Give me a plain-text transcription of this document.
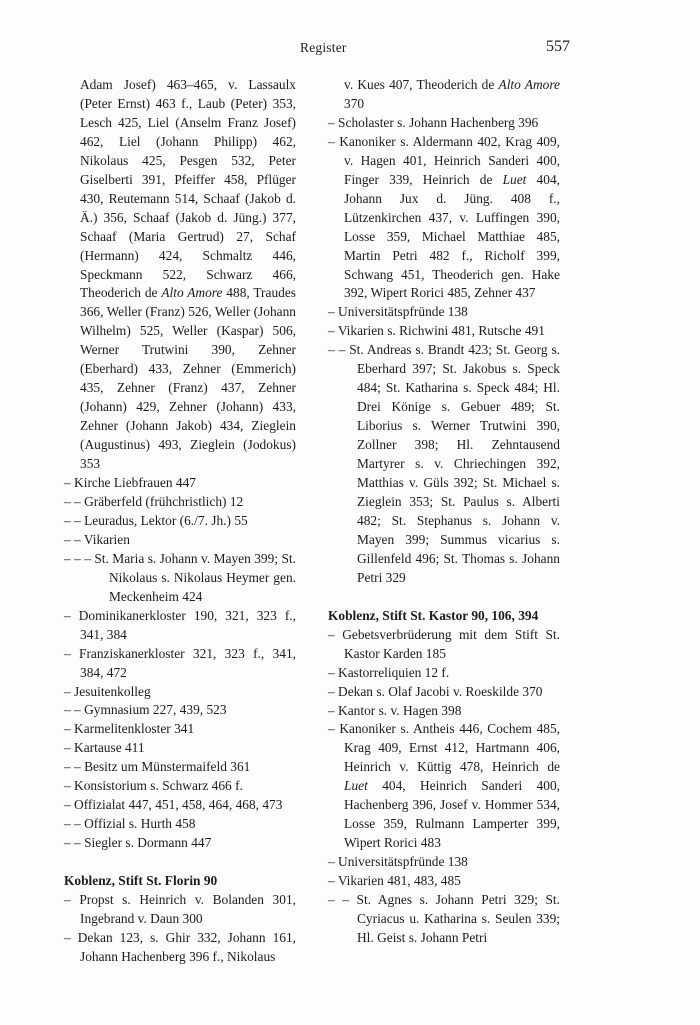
Register	557
Adam Josef) 463–465, v. Lassaulx (Peter Ernst) 463 f., Laub (Peter) 353, Lesch 425, Liel (Anselm Franz Josef) 462, Liel (Johann Philipp) 462, Nikolaus 425, Pesgen 532, Peter Giselberti 391, Pfeiffer 458, Pflüger 430, Reutemann 514, Schaaf (Jakob d. Ä.) 356, Schaaf (Jakob d. Jüng.) 377, Schaaf (Maria Gertrud) 27, Schaf (Hermann) 424, Schmaltz 446, Speckmann 522, Schwarz 466, Theoderich de Alto Amore 488, Traudes 366, Weller (Franz) 526, Weller (Johann Wilhelm) 525, Weller (Kaspar) 506, Werner Trutwini 390, Zehner (Eberhard) 433, Zehner (Emmerich) 435, Zehner (Franz) 437, Zehner (Johann) 429, Zehner (Johann) 433, Zehner (Johann Jakob) 434, Zieglein (Augustinus) 493, Zieglein (Jodokus) 353
– Kirche Liebfrauen 447
– – Gräberfeld (frühchristlich) 12
– – Leuradus, Lektor (6./7. Jh.) 55
– – Vikarien
– – – St. Maria s. Johann v. Mayen 399; St. Nikolaus s. Nikolaus Heymer gen. Meckenheim 424
– Dominikanerkloster 190, 321, 323 f., 341, 384
– Franziskanerkloster 321, 323 f., 341, 384, 472
– Jesuitenkolleg
– – Gymnasium 227, 439, 523
– Karmelitenkloster 341
– Kartause 411
– – Besitz um Münstermaifeld 361
– Konsistorium s. Schwarz 466 f.
– Offizialat 447, 451, 458, 464, 468, 473
– – Offizial s. Hurth 458
– – Siegler s. Dormann 447
Koblenz, Stift St. Florin 90
– Propst s. Heinrich v. Bolanden 301, Ingebrand v. Daun 300
– Dekan 123, s. Ghir 332, Johann 161, Johann Hachenberg 396 f., Nikolaus
v. Kues 407, Theoderich de Alto Amore 370
– Scholaster s. Johann Hachenberg 396
– Kanoniker s. Aldermann 402, Krag 409, v. Hagen 401, Heinrich Sanderi 400, Finger 339, Heinrich de Luet 404, Johann Jux d. Jüng. 408 f., Lützenkirchen 437, v. Luffingen 390, Losse 359, Michael Matthiae 485, Martin Petri 482 f., Richolf 399, Schwang 451, Theoderich gen. Hake 392, Wipert Rorici 485, Zehner 437
– Universitätspfründe 138
– Vikarien s. Richwini 481, Rutsche 491
– – St. Andreas s. Brandt 423; St. Georg s. Eberhard 397; St. Jakobus s. Speck 484; St. Katharina s. Speck 484; Hl. Drei Könige s. Gebuer 489; St. Liborius s. Werner Trutwini 390, Zollner 398; Hl. Zehntausend Martyrer s. v. Chriechingen 392, Matthias v. Güls 392; St. Michael s. Zieglein 353; St. Paulus s. Alberti 482; St. Stephanus s. Johann v. Mayen 399; Summus vicarius s. Gillenfeld 496; St. Thomas s. Johann Petri 329
Koblenz, Stift St. Kastor 90, 106, 394
– Gebetsverbrüderung mit dem Stift St. Kastor Karden 185
– Kastorreliquien 12 f.
– Dekan s. Olaf Jacobi v. Roeskilde 370
– Kantor s. v. Hagen 398
– Kanoniker s. Antheis 446, Cochem 485, Krag 409, Ernst 412, Hartmann 406, Heinrich v. Küttig 478, Heinrich de Luet 404, Heinrich Sanderi 400, Hachenberg 396, Josef v. Hommer 534, Losse 359, Rulmann Lamperter 399, Wipert Rorici 483
– Universitätspfründe 138
– Vikarien 481, 483, 485
– – St. Agnes s. Johann Petri 329; St. Cyriacus u. Katharina s. Seulen 339; Hl. Geist s. Johann Petri
